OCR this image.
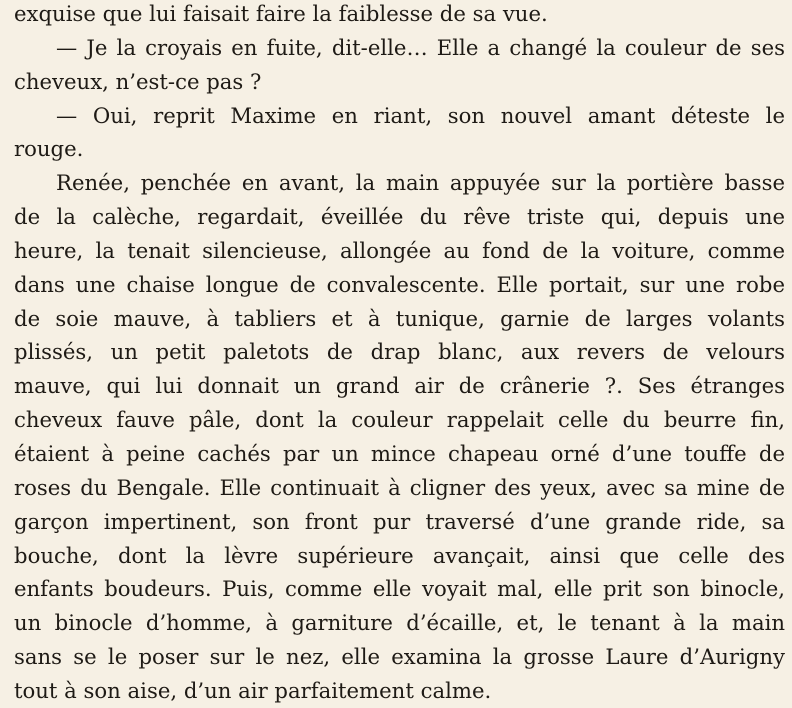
exquise que lui faisait faire la faiblesse de sa vue.
— Je la croyais en fuite, dit-elle… Elle a changé la couleur de ses
cheveux, n’est-ce pas ?
— Oui, reprit Maxime en riant, son nouvel amant déteste le
rouge.
Renée, penchée en avant, la main appuyée sur la portière basse
de la calèche, regardait, éveillée du rêve triste qui, depuis une
heure, la tenait silencieuse, allongée au fond de la voiture, comme
dans une chaise longue de convalescente. Elle portait, sur une robe
de soie mauve, à tabliers et à tunique, garnie de larges volants
plissés, un petit paletots de drap blanc, aux revers de velours
mauve, qui lui donnait un grand air de crânerie ?. Ses étranges
cheveux fauve pâle, dont la couleur rappelait celle du beurre fin,
étaient à peine cachés par un mince chapeau orné d’une touffe de
roses du Bengale. Elle continuait à cligner des yeux, avec sa mine de
garçon impertinent, son front pur traversé d’une grande ride, sa
bouche, dont la lèvre supérieure avançait, ainsi que celle des
enfants boudeurs. Puis, comme elle voyait mal, elle prit son binocle,
un binocle d’homme, à garniture d’écaille, et, le tenant à la main
sans se le poser sur le nez, elle examina la grosse Laure d’Aurigny
tout à son aise, d’un air parfaitement calme.
